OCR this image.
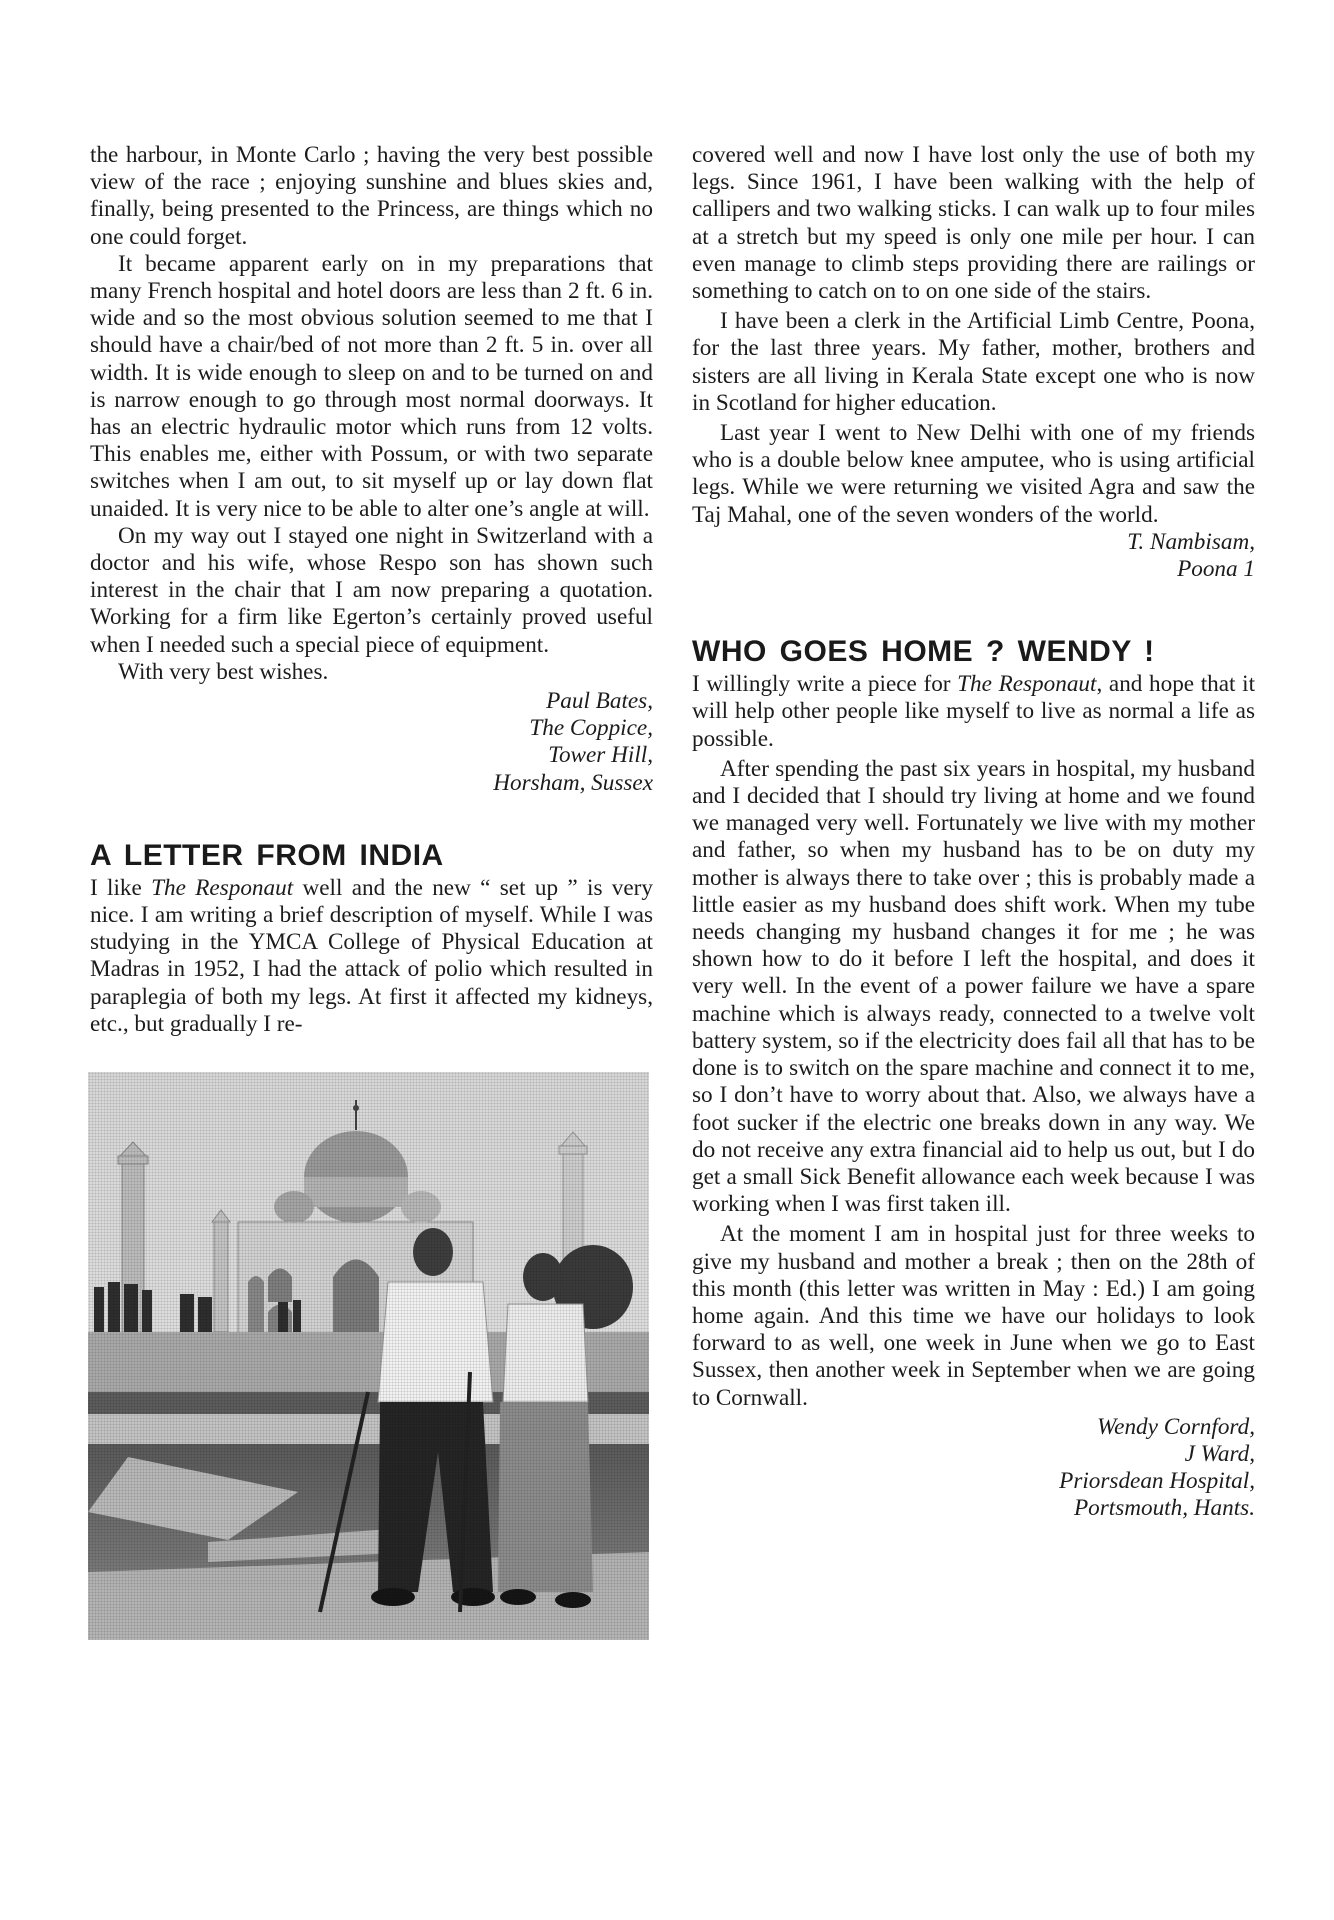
the harbour, in Monte Carlo ; having the very best possible view of the race ; enjoying sunshine and blues skies and, finally, being presented to the Princess, are things which no one could forget.

It became apparent early on in my preparations that many French hospital and hotel doors are less than 2 ft. 6 in. wide and so the most obvious solution seemed to me that I should have a chair/bed of not more than 2 ft. 5 in. over all width. It is wide enough to sleep on and to be turned on and is narrow enough to go through most normal doorways. It has an electric hydraulic motor which runs from 12 volts. This enables me, either with Possum, or with two separate switches when I am out, to sit myself up or lay down flat unaided. It is very nice to be able to alter one’s angle at will.

On my way out I stayed one night in Switzerland with a doctor and his wife, whose Respo son has shown such interest in the chair that I am now preparing a quotation. Working for a firm like Egerton’s certainly proved useful when I needed such a special piece of equipment.

With very best wishes.

Paul Bates,
The Coppice,
Tower Hill,
Horsham, Sussex
A LETTER FROM INDIA

I like The Responaut well and the new “ set up ” is very nice. I am writing a brief description of myself. While I was studying in the YMCA College of Physical Education at Madras in 1952, I had the attack of polio which resulted in paraplegia of both my legs. At first it affected my kidneys, etc., but gradually I re-

covered well and now I have lost only the use of both my legs. Since 1961, I have been walking with the help of callipers and two walking sticks. I can walk up to four miles at a stretch but my speed is only one mile per hour. I can even manage to climb steps providing there are railings or something to catch on to on one side of the stairs.

I have been a clerk in the Artificial Limb Centre, Poona, for the last three years. My father, mother, brothers and sisters are all living in Kerala State except one who is now in Scotland for higher education.

Last year I went to New Delhi with one of my friends who is a double below knee amputee, who is using artificial legs. While we were returning we visited Agra and saw the Taj Mahal, one of the seven wonders of the world.

T. Nambisam,
Poona 1
WHO GOES HOME ? WENDY !

I willingly write a piece for The Responaut, and hope that it will help other people like myself to live as normal a life as possible.

After spending the past six years in hospital, my husband and I decided that I should try living at home and we found we managed very well. Fortunately we live with my mother and father, so when my husband has to be on duty my mother is always there to take over ; this is probably made a little easier as my husband does shift work. When my tube needs changing my husband changes it for me ; he was shown how to do it before I left the hospital, and does it very well. In the event of a power failure we have a spare machine which is always ready, connected to a twelve volt battery system, so if the electricity does fail all that has to be done is to switch on the spare machine and connect it to me, so I don’t have to worry about that. Also, we always have a foot sucker if the electric one breaks down in any way. We do not receive any extra financial aid to help us out, but I do get a small Sick Benefit allowance each week because I was working when I was first taken ill.

At the moment I am in hospital just for three weeks to give my husband and mother a break ; then on the 28th of this month (this letter was written in May : Ed.) I am going home again. And this time we have our holidays to look forward to as well, one week in June when we go to East Sussex, then another week in September when we are going to Cornwall.

Wendy Cornford,
J Ward,
Priorsdean Hospital,
Portsmouth, Hants.
